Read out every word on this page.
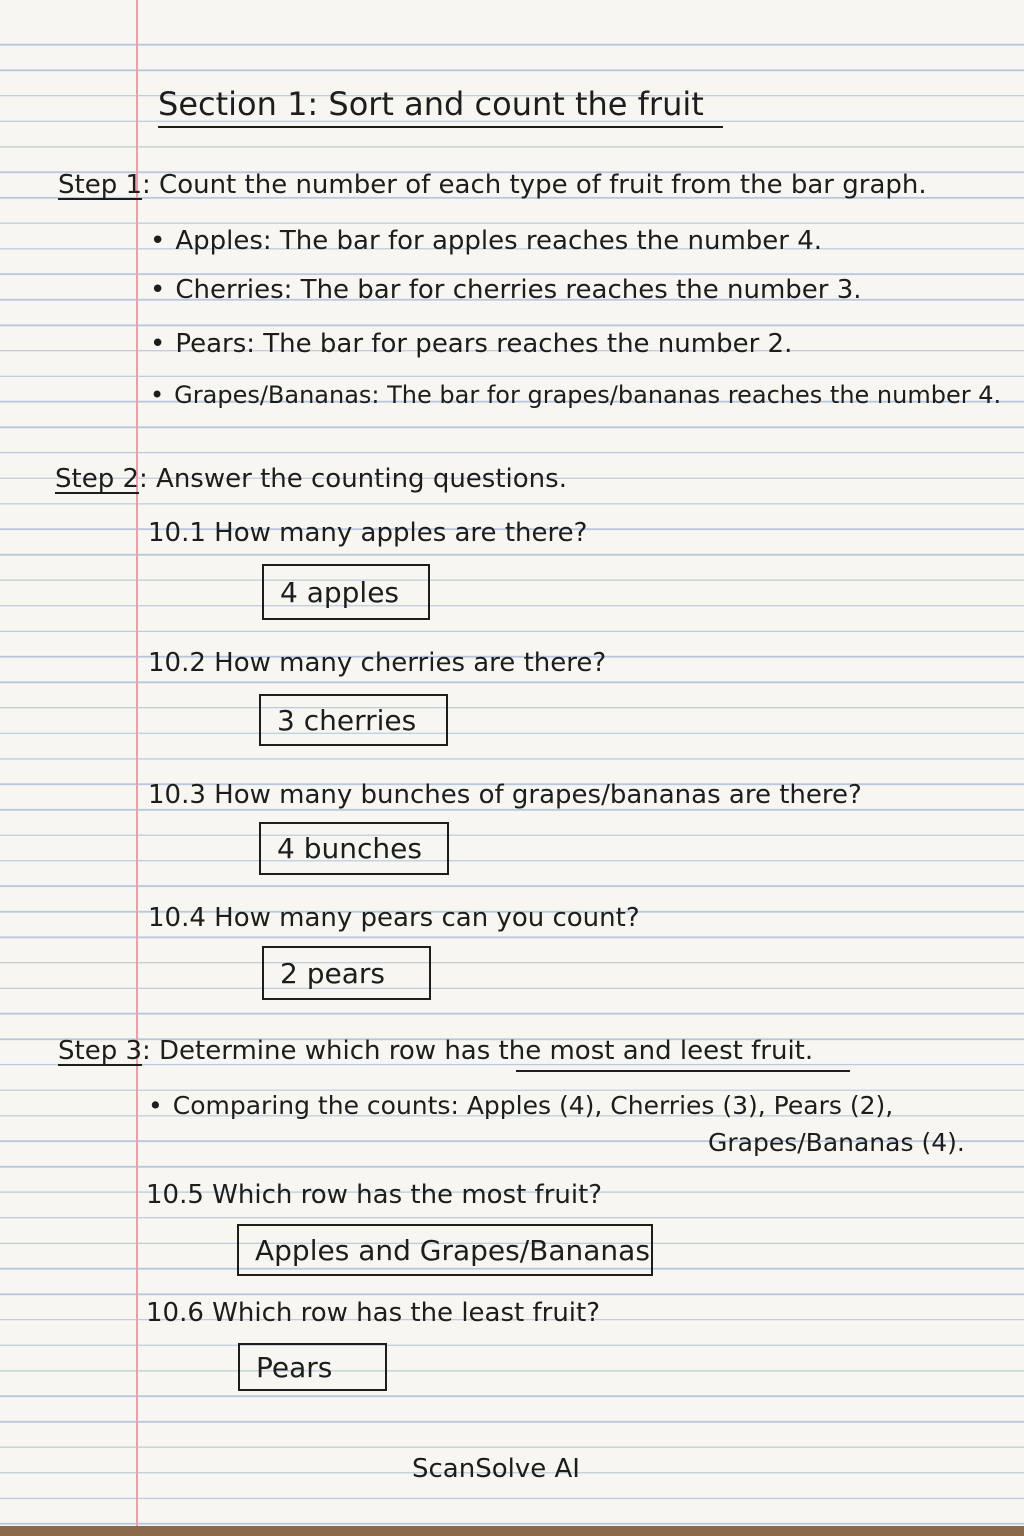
Section 1: Sort and count the fruit
Step 1: Count the number of each type of fruit from the bar graph.
• Apples: The bar for apples reaches the number 4.
• Cherries: The bar for cherries reaches the number 3.
• Pears: The bar for pears reaches the number 2.
• Grapes/Bananas: The bar for grapes/bananas reaches the number 4.
Step 2: Answer the counting questions.
10.1 How many apples are there?
4 apples
10.2 How many cherries are there?
3 cherries
10.3 How many bunches of grapes/bananas are there?
4 bunches
10.4 How many pears can you count?
2 pears
Step 3: Determine which row has the most and leest fruit.
• Comparing the counts: Apples (4), Cherries (3), Pears (2),
Grapes/Bananas (4).
10.5 Which row has the most fruit?
Apples and Grapes/Bananas
10.6 Which row has the least fruit?
Pears
ScanSolve AI
